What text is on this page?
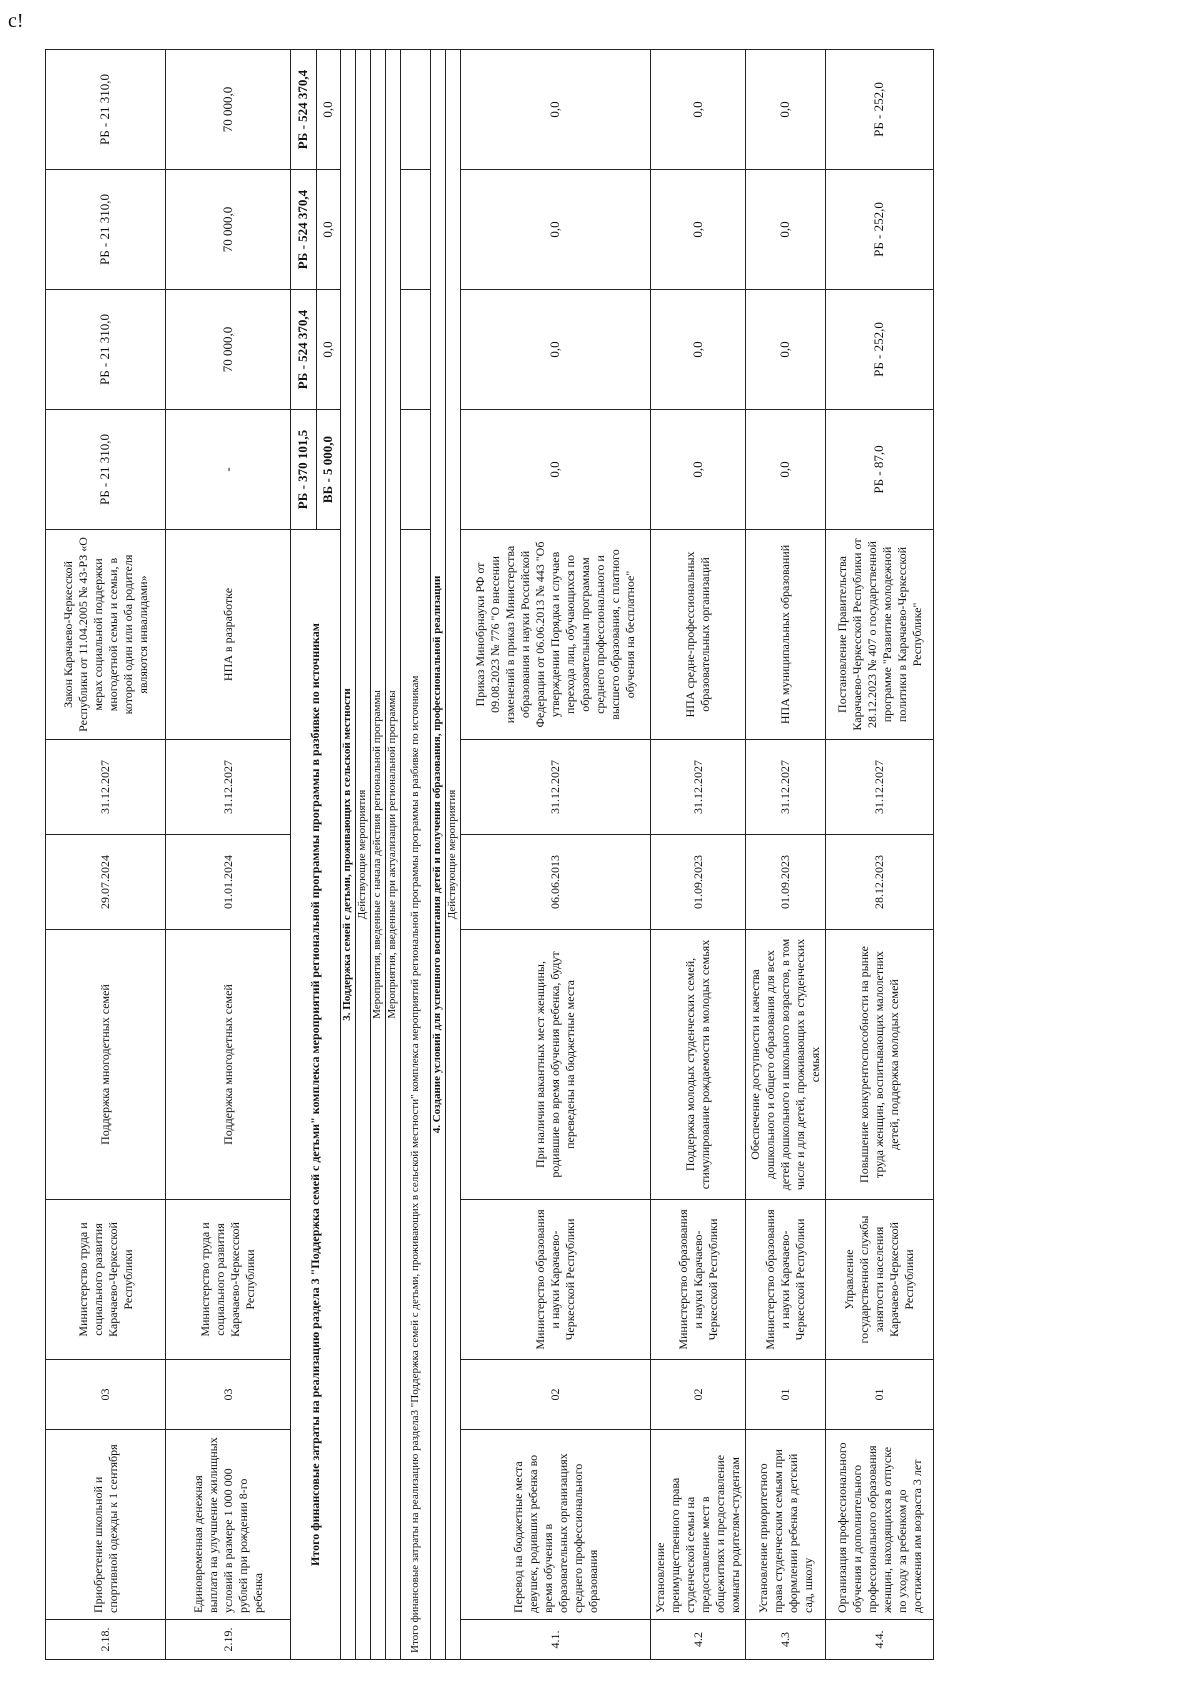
с!
2.18.	Приобретение школьной и спортивной одежды к 1 сентября	03	Министерство труда и социального развития Карачаево-Черкесской Республики	Поддержка многодетных семей	29.07.2024	31.12.2027	Закон Карачаево-Черкесской Республики от 11.04.2005 № 43-РЗ «О мерах социальной поддержки многодетной семьи и семьи, в которой один или оба родителя являются инвалидами»	РБ - 21 310,0	РБ - 21 310,0	РБ - 21 310,0	РБ - 21 310,0
2.19.	Единовременная денежная выплата на улучшение жилищных условий в размере 1 000 000 рублей при рождении 8-го ребенка	03	Министерство труда и социального развития Карачаево-Черкесской Республики	Поддержка многодетных семей	01.01.2024	31.12.2027	НПА в разработке	-	70 000,0	70 000,0	70 000,0
Итого финансовые затраты на реализацию раздела 3 "Поддержка семей с детьми" комплекса мероприятий региональной программы программы в разбивке по источникам								РБ - 370 101,5	РБ - 524 370,4	РБ - 524 370,4	РБ - 524 370,4
								ВБ - 5 000,0	0,0	0,0	0,0
3. Поддержка семей с детьми, проживающих в сельской местности											
Действующие мероприятия											
Мероприятия, введенные с начала действия региональной программы											
Мероприятия, введенные при актуализации региональной программы											
Итого финансовые затраты на реализацию раздела3 "Поддержка семей с детьми, проживающих в сельской местности" комплекса мероприятий региональной программы программы в разбивке по источникам											
4. Создание условий для успешного воспитания детей и получения образования, профессиональной реализации											
Действующие мероприятия											
4.1.	Перевод на бюджетные места девушек, родивших ребенка во время обучения в образовательных организациях среднего профессионального образования	02	Министерство образования и науки Карачаево-Черкесской Республики	При наличии вакантных мест женщины, родившие во время обучения ребенка, будут переведены на бюджетные места	06.06.2013	31.12.2027	Приказ Минобрнауки РФ от 09.08.2023 № 776 "О внесении изменений в приказ Министерства образования и науки Российской Федерации от 06.06.2013 № 443 "Об утверждении Порядка и случаев перехода лиц, обучающихся по образовательным программам среднего профессионального и высшего образования, с платного обучения на бесплатное"	0,0	0,0	0,0	0,0
4.2	Установление преимущественного права студенческой семьи на предоставление мест в общежитиях и предоставление комнаты родителям-студентам	02	Министерство образования и науки Карачаево-Черкесской Республики	Поддержка молодых студенческих семей, стимулирование рождаемости в молодых семьях	01.09.2023	31.12.2027	НПА средне-профессиональных образовательных организаций	0,0	0,0	0,0	0,0
4.3	Установление приоритетного права студенческим семьям при оформлении ребенка в детский сад, школу	01	Министерство образования и науки Карачаево-Черкесской Республики	Обеспечение доступности и качества дошкольного и общего образования для всех детей дошкольного и школьного возрастов, в том числе и для детей, проживающих в студенческих семьях	01.09.2023	31.12.2027	НПА муниципальных образований	0,0	0,0	0,0	0,0
4.4.	Организация профессионального обучения и дополнительного профессионального образования женщин, находящихся в отпуске по уходу за ребенком до достижения им возраста 3 лет	01	Управление государственной службы занятости населения Карачаево-Черкесской Республики	Повышение конкурентоспособности на рынке труда женщин, воспитывающих малолетних детей, поддержка молодых семей	28.12.2023	31.12.2027	Постановление Правительства Карачаево-Черкесской Республики от 28.12.2023 № 407 о государственной программе "Развитие молодежной политики в Карачаево-Черкесской Республике"	РБ - 87,0	РБ - 252,0	РБ - 252,0	РБ - 252,0
